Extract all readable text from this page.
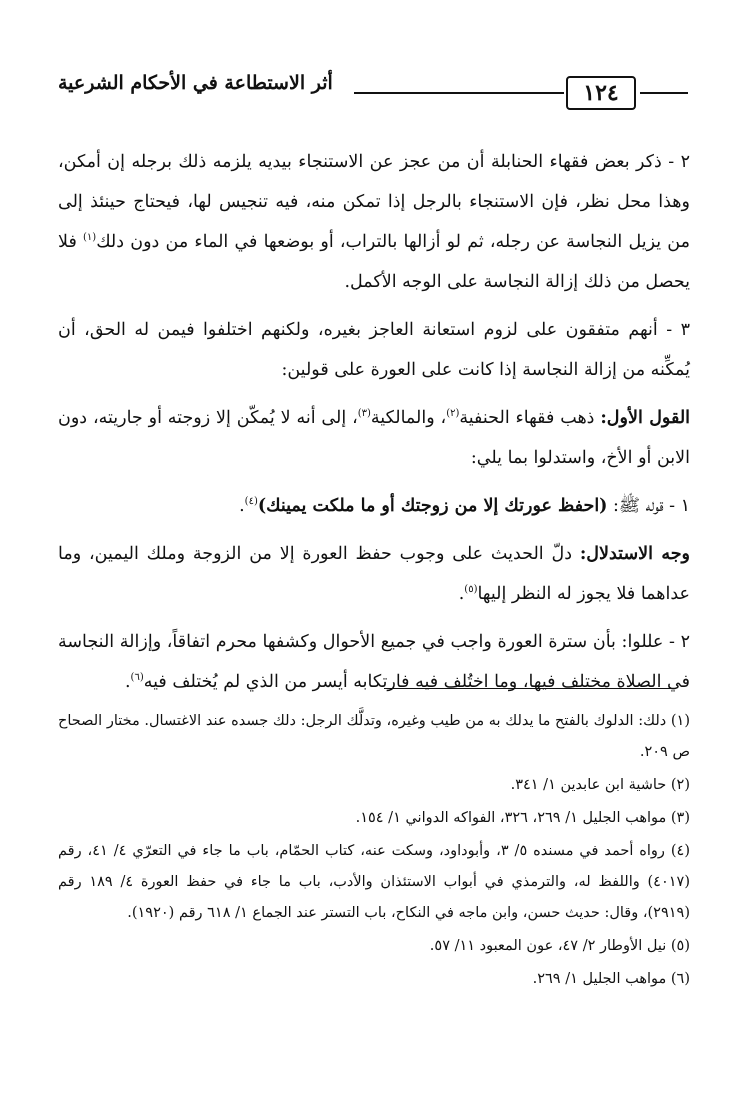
١٢٤
أثر الاستطاعة في الأحكام الشرعية

٢ - ذكر بعض فقهاء الحنابلة أن من عجز عن الاستنجاء بيديه يلزمه ذلك برجله إن أمكن، وهذا محل نظر، فإن الاستنجاء بالرجل إذا تمكن منه، فيه تنجيس لها، فيحتاج حينئذ إلى من يزيل النجاسة عن رجله، ثم لو أزالها بالتراب، أو بوضعها في الماء من دون دلك$^{(١)}$ فلا يحصل من ذلك إزالة النجاسة على الوجه الأكمل.

٣ - أنهم متفقون على لزوم استعانة العاجز بغيره، ولكنهم اختلفوا فيمن له الحق، أن يُمكِّنه من إزالة النجاسة إذا كانت على العورة على قولين:

القول الأول: ذهب فقهاء الحنفية$^{(٢)}$، والمالكية$^{(٣)}$، إلى أنه لا يُمكّن إلا زوجته أو جاريته، دون الابن أو الأخ، واستدلوا بما يلي:

١ - قوله ﷺ: (احفظ عورتك إلا من زوجتك أو ما ملكت يمينك)$^{(٤)}$.

وجه الاستدلال: دلّ الحديث على وجوب حفظ العورة إلا من الزوجة وملك اليمين، وما عداهما فلا يجوز له النظر إليها$^{(٥)}$.

٢ - عللوا: بأن سترة العورة واجب في جميع الأحوال وكشفها محرم اتفاقاً، وإزالة النجاسة في الصلاة مختلف فيها، وما اختُلف فيه فارتكابه أيسر من الذي لم يُختلف فيه$^{(٦)}$.

(١) دلك: الدلوك بالفتح ما يدلك به من طيب وغيره، وتدلَّك الرجل: دلك جسده عند الاغتسال. مختار الصحاح ص ٢٠٩.

(٢) حاشية ابن عابدين ١/ ٣٤١.

(٣) مواهب الجليل ١/ ٢٦٩، ٣٢٦، الفواكه الدواني ١/ ١٥٤.

(٤) رواه أحمد في مسنده ٥/ ٣، وأبوداود، وسكت عنه، كتاب الحمّام، باب ما جاء في التعرّي ٤/ ٤١، رقم (٤٠١٧) واللفظ له، والترمذي في أبواب الاستئذان والأدب، باب ما جاء في حفظ العورة ٤/ ١٨٩ رقم (٢٩١٩)، وقال: حديث حسن، وابن ماجه في النكاح، باب التستر عند الجماع ١/ ٦١٨ رقم (١٩٢٠).

(٥) نيل الأوطار ٢/ ٤٧، عون المعبود ١١/ ٥٧.

(٦) مواهب الجليل ١/ ٢٦٩.
